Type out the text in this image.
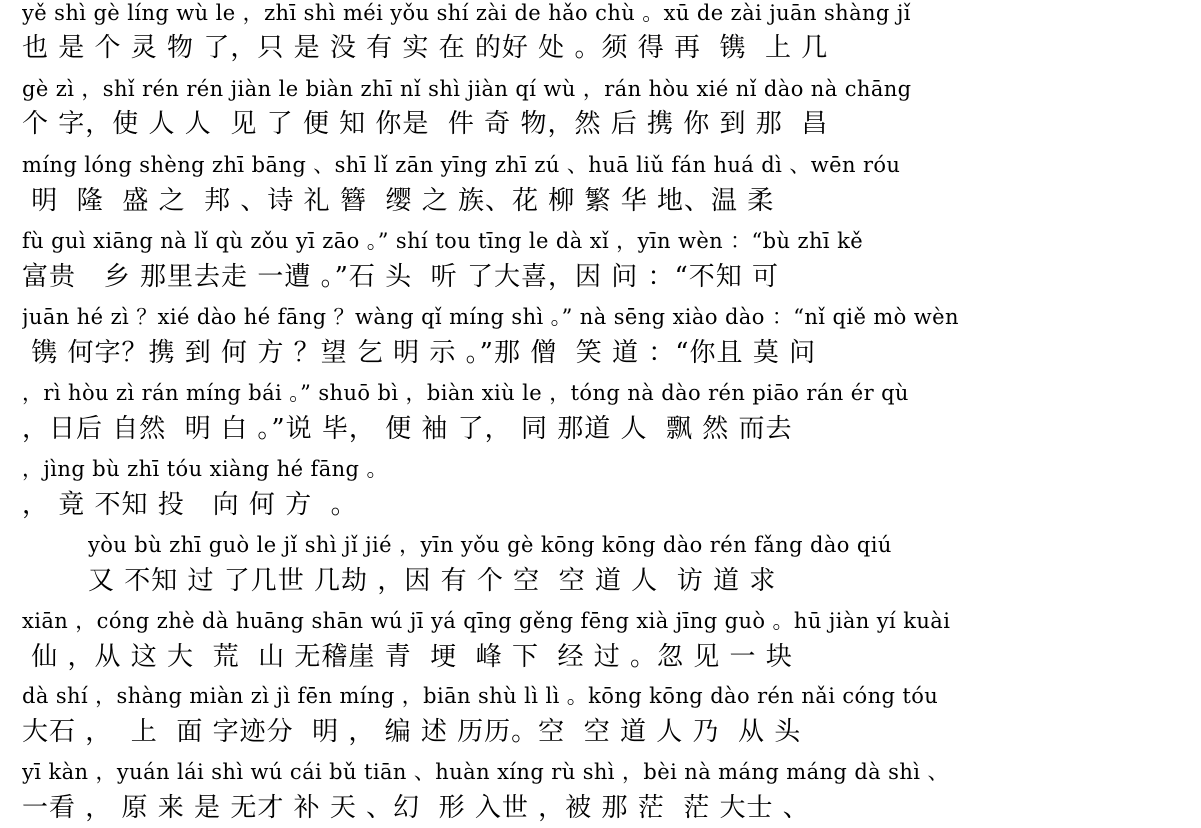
yě shì gè líng wù le ，zhī shì méi yǒu shí zài de hǎo chù 。xū de zài juān shàng jǐ
也 是 个 灵 物 了，只 是 没 有 实 在 的好 处 。须 得 再  镌  上 几
gè zì ，shǐ rén rén jiàn le biàn zhī nǐ shì jiàn qí wù ，rán hòu xié nǐ dào nà chāng
个 字，使 人 人  见 了 便 知 你是  件 奇 物，然 后 携 你 到 那  昌
míng lóng shèng zhī bāng 、shī lǐ zān yīng zhī zú 、huā liǔ fán huá dì 、wēn róu
明  隆  盛 之  邦 、诗 礼 簪  缨 之 族、花 柳 繁 华 地、温 柔
fù guì xiāng nà lǐ qù zǒu yī zāo 。” shí tou tīng le dà xǐ ，yīn wèn ：“bù zhī kě
富贵   乡 那里去走 一遭 。”石 头  听 了大喜，因 问 ：“不知 可
juān hé zì ？xié dào hé fāng ？wàng qǐ míng shì 。” nà sēng xiào dào ：“nǐ qiě mò wèn
镌 何字？携 到 何 方 ？望 乞 明 示 。”那 僧  笑 道 ：“你且 莫 问
，rì hòu zì rán míng bái 。” shuō bì ，biàn xiù le ，tóng nà dào rén piāo rán ér qù
，日后 自然  明 白 。”说 毕， 便 袖 了， 同 那道 人  飘 然 而去
，jìng bù zhī tóu xiàng hé fāng 。
， 竟 不知 投   向 何 方  。
yòu bù zhī guò le jǐ shì jǐ jié ，yīn yǒu gè kōng kōng dào rén fǎng dào qiú
又 不知 过 了几世 几劫 ，因 有 个 空  空 道 人  访 道 求
xiān ，cóng zhè dà huāng shān wú jī yá qīng gěng fēng xià jīng guò 。hū jiàn yí kuài
仙 ，从 这 大  荒  山 无稽崖 青  埂  峰 下  经 过 。忽 见 一 块
dà shí ，shàng miàn zì jì fēn míng ，biān shù lì lì 。kōng kōng dào rén nǎi cóng tóu
大石 ，  上  面 字迹分  明 ， 编 述 历历。空  空 道 人 乃  从 头
yī kàn ，yuán lái shì wú cái bǔ tiān 、huàn xíng rù shì ，bèi nà máng máng dà shì 、
一看 ， 原 来 是 无才 补 天 、幻  形 入世 ，被 那 茫  茫 大士 、
